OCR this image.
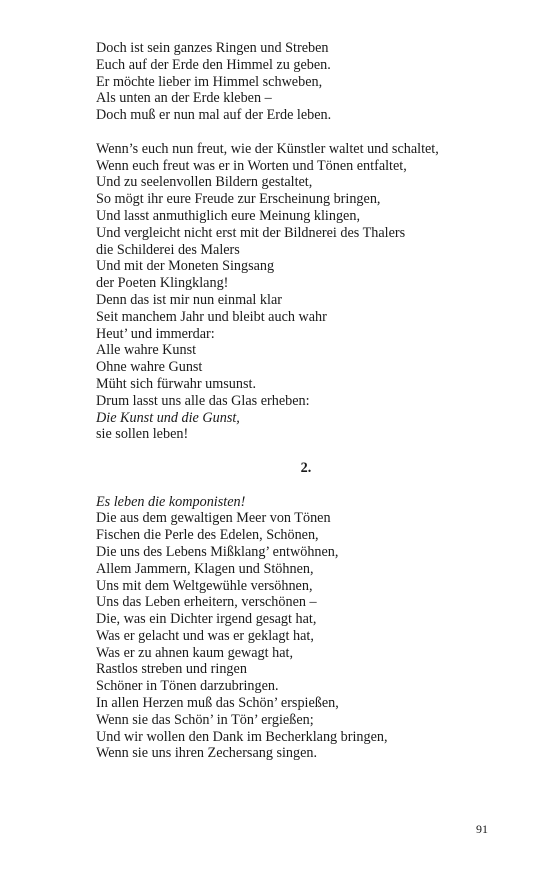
Doch ist sein ganzes Ringen und Streben
Euch auf der Erde den Himmel zu geben.
Er möchte lieber im Himmel schweben,
Als unten an der Erde kleben –
Doch muß er nun mal auf der Erde leben.
Wenn’s euch nun freut, wie der Künstler waltet und schaltet,
Wenn euch freut was er in Worten und Tönen entfaltet,
Und zu seelenvollen Bildern gestaltet,
So mögt ihr eure Freude zur Erscheinung bringen,
Und lasst anmuthiglich eure Meinung klingen,
Und vergleicht nicht erst mit der Bildnerei des Thalers
die Schilderei des Malers
Und mit der Moneten Singsang
der Poeten Klingklang!
Denn das ist mir nun einmal klar
Seit manchem Jahr und bleibt auch wahr
Heut’ und immerdar:
Alle wahre Kunst
Ohne wahre Gunst
Müht sich fürwahr umsunst.
Drum lasst uns alle das Glas erheben:
Die Kunst und die Gunst,
sie sollen leben!
2.
Es leben die komponisten!
Die aus dem gewaltigen Meer von Tönen
Fischen die Perle des Edelen, Schönen,
Die uns des Lebens Mißklang’ entwöhnen,
Allem Jammern, Klagen und Stöhnen,
Uns mit dem Weltgewühle versöhnen,
Uns das Leben erheitern, verschönen –
Die, was ein Dichter irgend gesagt hat,
Was er gelacht und was er geklagt hat,
Was er zu ahnen kaum gewagt hat,
Rastlos streben und ringen
Schöner in Tönen darzubringen.
In allen Herzen muß das Schön’ erspießen,
Wenn sie das Schön’ in Tön’ ergießen;
Und wir wollen den Dank im Becherklang bringen,
Wenn sie uns ihren Zechersang singen.
91
